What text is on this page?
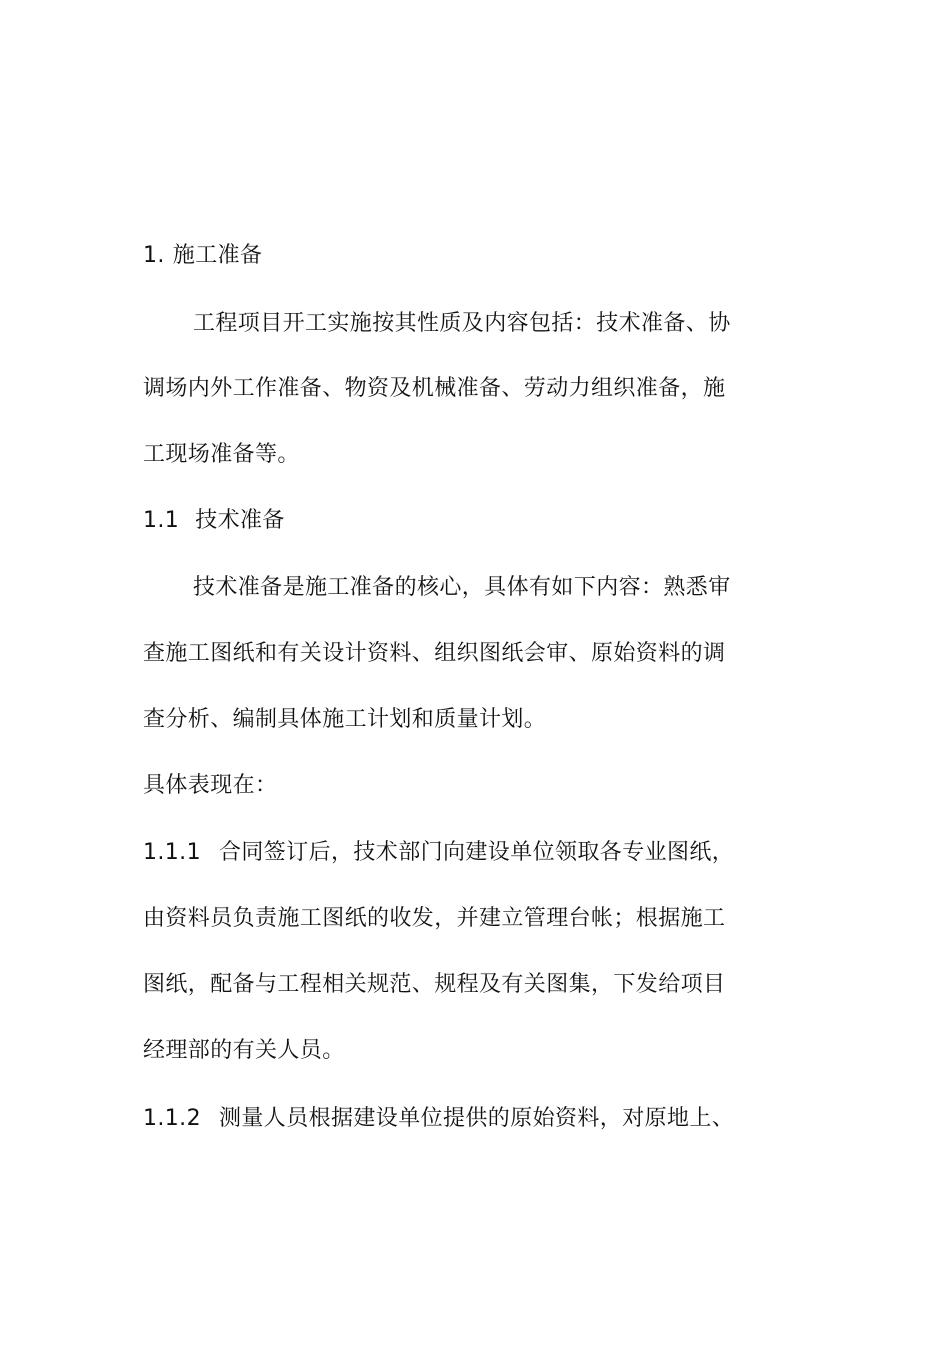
1. 施工准备
工程项目开工实施按其性质及内容包括：技术准备、协
调场内外工作准备、物资及机械准备、劳动力组织准备，施
工现场准备等。
1.1 技术准备
技术准备是施工准备的核心，具体有如下内容：熟悉审
查施工图纸和有关设计资料、组织图纸会审、原始资料的调
查分析、编制具体施工计划和质量计划。
具体表现在：
1.1.1 合同签订后，技术部门向建设单位领取各专业图纸，
由资料员负责施工图纸的收发，并建立管理台帐；根据施工
图纸，配备与工程相关规范、规程及有关图集，下发给项目
经理部的有关人员。
1.1.2 测量人员根据建设单位提供的原始资料，对原地上、
